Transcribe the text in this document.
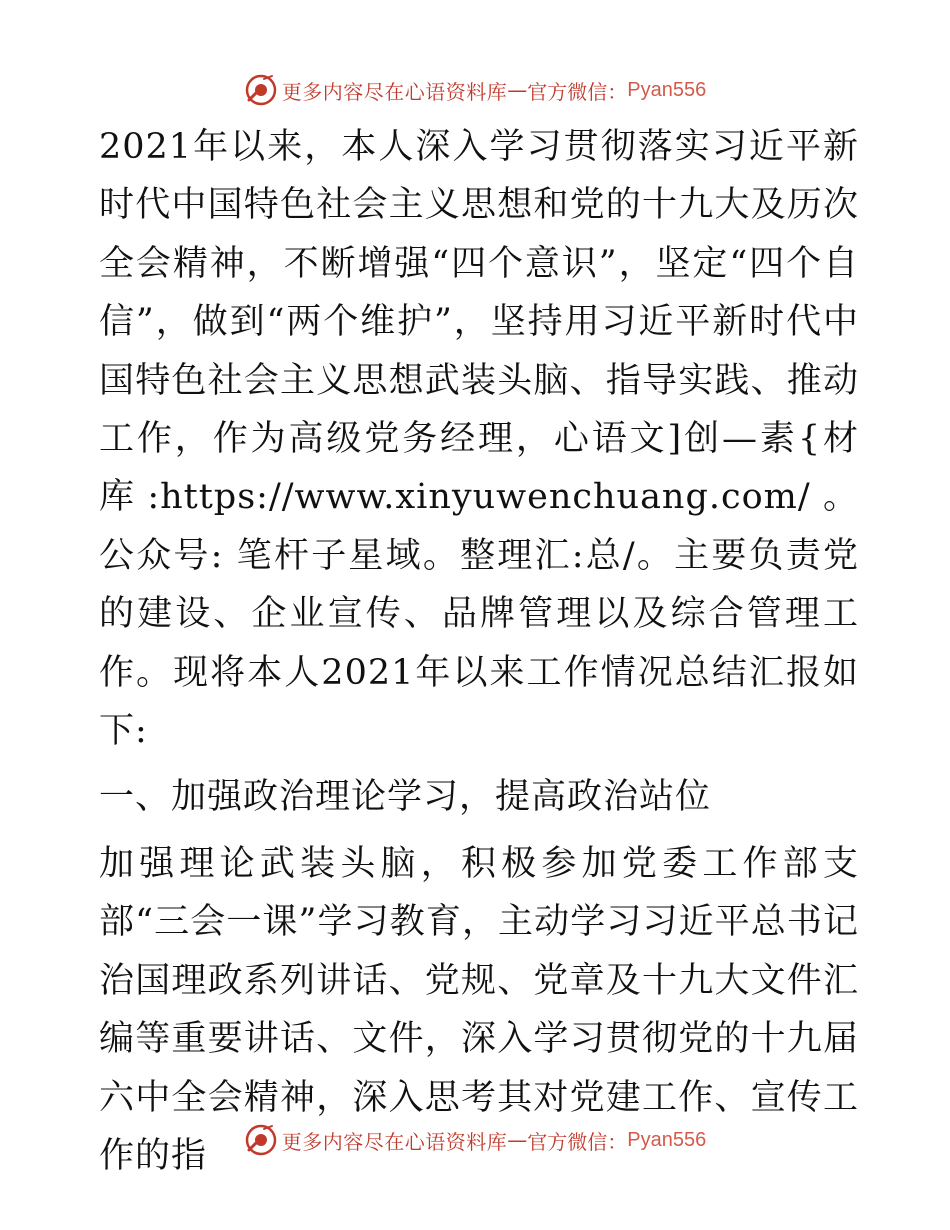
更多内容尽在心语资料库 — 官方微信： Pyan556

2021年以来，本人深入学习贯彻落实习近平新时代中国特色社会主义思想和党的十九大及历次全会精神，不断增强“四个意识”，坚定“四个自信”，做到“两个维护”，坚持用习近平新时代中国特色社会主义思想武装头脑、指导实践、推动工作，作为高级党务经理，心语文]创—素{材库:https://www.xinyuwenchuang.com/。公众号: 笔杆子星域。整理汇:总/。主要负责党的建设、企业宣传、品牌管理以及综合管理工作。现将本人2021年以来工作情况总结汇报如下:

一、加强政治理论学习，提高政治站位

加强理论武装头脑，积极参加党委工作部支部“三会一课”学习教育，主动学习习近平总书记治国理政系列讲话、党规、党章及十九大文件汇编等重要讲话、文件，深入学习贯彻党的十九届六中全会精神，深入思考其对党建工作、宣传工作的指	更多内容尽在心语资料库 — 官方微信： Pyan556
